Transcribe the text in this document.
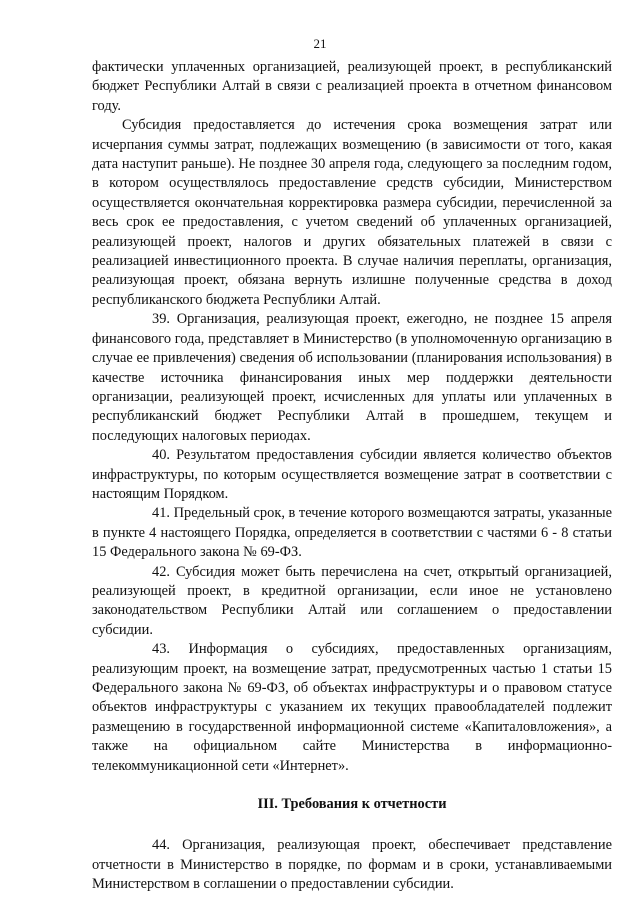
21

фактически уплаченных организацией, реализующей проект, в республиканский бюджет Республики Алтай в связи с реализацией проекта в отчетном финансовом году.

Субсидия предоставляется до истечения срока возмещения затрат или исчерпания суммы затрат, подлежащих возмещению (в зависимости от того, какая дата наступит раньше). Не позднее 30 апреля года, следующего за последним годом, в котором осуществлялось предоставление средств субсидии, Министерством осуществляется окончательная корректировка размера субсидии, перечисленной за весь срок ее предоставления, с учетом сведений об уплаченных организацией, реализующей проект, налогов и других обязательных платежей в связи с реализацией инвестиционного проекта. В случае наличия переплаты, организация, реализующая проект, обязана вернуть излишне полученные средства в доход республиканского бюджета Республики Алтай.

39. Организация, реализующая проект, ежегодно, не позднее 15 апреля финансового года, представляет в Министерство (в уполномоченную организацию в случае ее привлечения) сведения об использовании (планирования использования) в качестве источника финансирования иных мер поддержки деятельности организации, реализующей проект, исчисленных для уплаты или уплаченных в республиканский бюджет Республики Алтай в прошедшем, текущем и последующих налоговых периодах.

40. Результатом предоставления субсидии является количество объектов инфраструктуры, по которым осуществляется возмещение затрат в соответствии с настоящим Порядком.

41. Предельный срок, в течение которого возмещаются затраты, указанные в пункте 4 настоящего Порядка, определяется в соответствии с частями 6 - 8 статьи 15 Федерального закона № 69-ФЗ.

42. Субсидия может быть перечислена на счет, открытый организацией, реализующей проект, в кредитной организации, если иное не установлено законодательством Республики Алтай или соглашением о предоставлении субсидии.

43. Информация о субсидиях, предоставленных организациям, реализующим проект, на возмещение затрат, предусмотренных частью 1 статьи 15 Федерального закона № 69-ФЗ, об объектах инфраструктуры и о правовом статусе объектов инфраструктуры с указанием их текущих правообладателей подлежит размещению в государственной информационной системе «Капиталовложения», а также на официальном сайте Министерства в информационно-телекоммуникационной сети «Интернет».

III. Требования к отчетности

44. Организация, реализующая проект, обеспечивает представление отчетности в Министерство в порядке, по формам и в сроки, устанавливаемыми Министерством в соглашении о предоставлении субсидии.
